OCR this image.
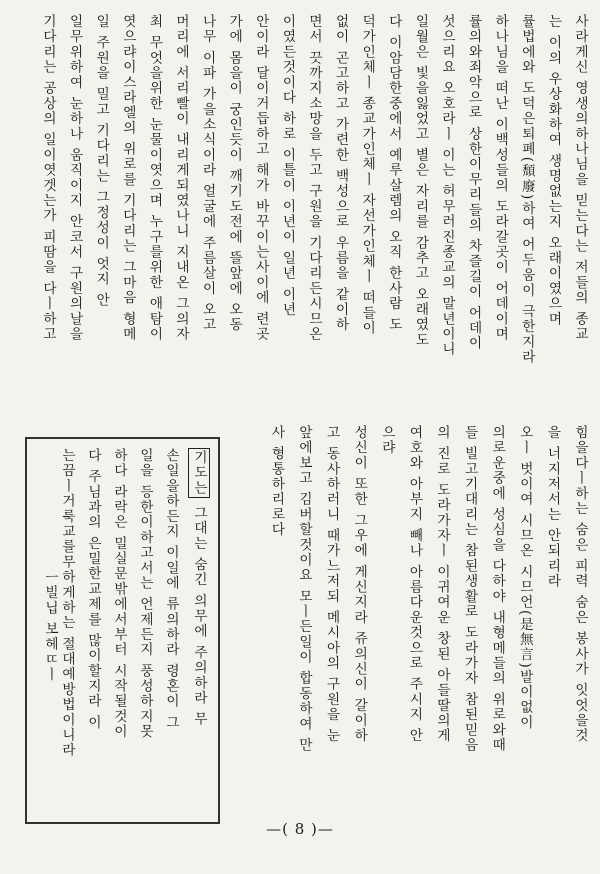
사라게신 영생의하나님을 믿는다는 저들의 종교
는 이의 우상화하여 생명없는지 오래이였으며
률법에와 도덕은퇴폐(頹廢)하여 어두움이 극한지라
하나님을 떠난 이백성들의 도라갈곳이 어데이며
률의와죄악으로 상한이무리들의 차즐길이 어데이
섯으리요 오호라ㅣ 이는 허무러진종교의 말년이니
일월은 빛을잃었고 별은 자리를 감추고 오래였도
다 이암담한중에서 예루살렘의 오직 한사람 도
덕가인체ㅣ 종교가인체ㅣ 자선가인체ㅣ 떠들이
없이 곤고하고 가련한 백성으로 우름을 같이하
면서 끗까지소망을 두고 구원을 기다리든시므온
이였든것이다 하로 이틀이 이년이 일년 이년
안이라 달이거듭하고 해가 바꾸이는사이에 련곳
가에 몸을이 궁인듯이 깨기도전에 뜰앞에 오동
나무 이파 가을소식이라 얼굴에 주름살이 오고
머리에 서리빨이 내리게되였나니 지내온 그의자
최 무엇을위한 눈물이엿으며 누구를위한 애탐이
엿으랴이스라엘의 위로를 기다리는 그마음 형메
일 주원을 밀고 기다리는 그정성이 엇지 안
일무위하여 눈하나 움직이지 안코서 구원의날을
기다리는 공상의 일이엿겟는가 피땀을 다ㅣ하고
힘을다ㅣ하는 숨은 피력 숨은 봉사가 잇엇을것
을 너지저서는 안되리라
오ㅣ 벗이여 시므온 시므언(是無言)발이없이
의로운중에 성심을 다하야 내형메들의 위로와때
들 빌고기대리는 참된생활로 도라가자 참된믿음
의 진로 도라가자ㅣ 이귀여운 창된 아들딸의게
여호와 아부지 빼나 아름다운것으로 주시지 안
으랴
성신이 또한 그우에 게신지라 쥬의신이 갈이하
고 동사하러니 때가느저되 메시아의 구원을 눈
앞에보고 김버할것이요 모ㅣ든일이 합동하여 만
사 형통하리로다
기도는 그대는 숨긴 의무에 주의하라 무
손일을하든지 이일에 류의하라 령혼이 그
일을 등한이하고서는 언제든지 풍성하지못
하다 라락은 밀실문밖에서부터 시작될것이
다 주님과의 은밀한교제를 많이할지라 이
는끔ㅣ거룩교를무하게하는 절대예방법이니라
ㅡ빌닙 보헤ㄸㅣ
—( 8 )—
